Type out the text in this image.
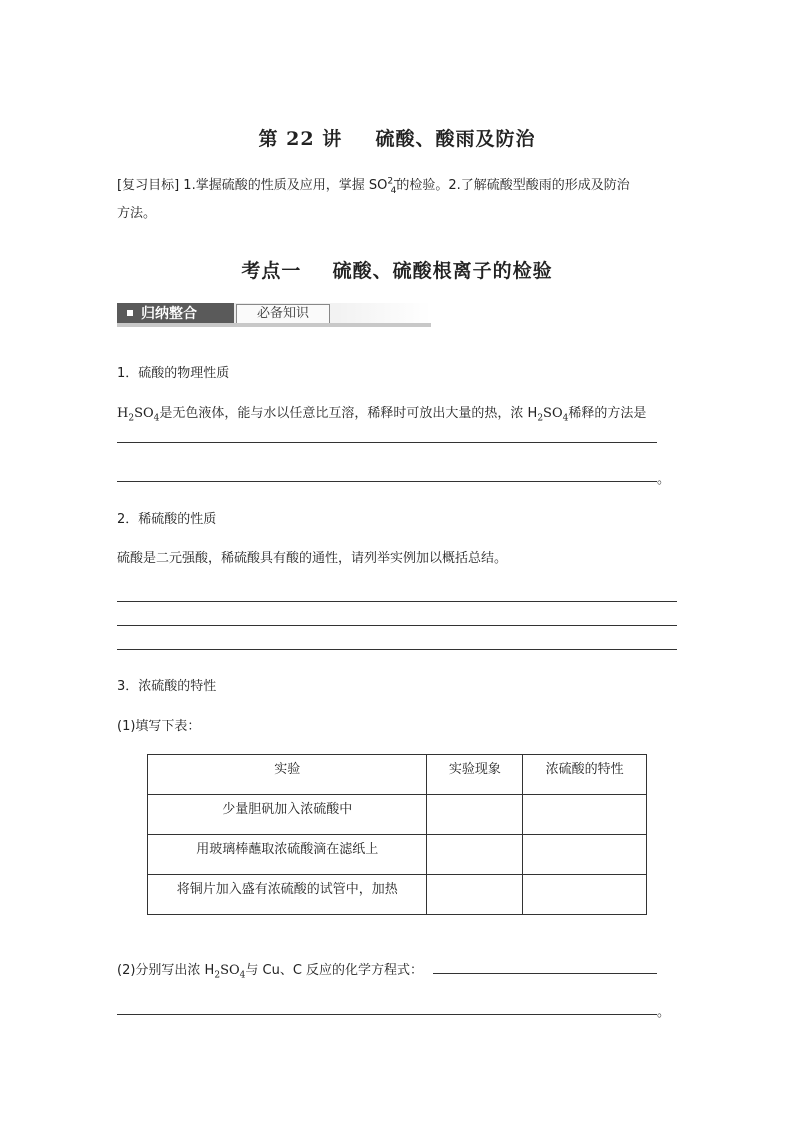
第 22 讲 硫酸、酸雨及防治
[复习目标] 1.掌握硫酸的性质及应用，掌握 $SO^{2-}_4$的检验。2.了解硫酸型酸雨的形成及防治
方法。
考点一 硫酸、硫酸根离子的检验
归纳整合	必备知识
1．硫酸的物理性质
$H_2SO_4$是无色液体，能与水以任意比互溶，稀释时可放出大量的热，浓 $H_2SO_4$稀释的方法是
。
2．稀硫酸的性质
硫酸是二元强酸，稀硫酸具有酸的通性，请列举实例加以概括总结。
3．浓硫酸的特性
(1)填写下表：
实验	实验现象	浓硫酸的特性
少量胆矾加入浓硫酸中		
用玻璃棒蘸取浓硫酸滴在滤纸上		
将铜片加入盛有浓硫酸的试管中，加热		
(2)分别写出浓 $H_2SO_4$与 Cu、C 反应的化学方程式：
。
